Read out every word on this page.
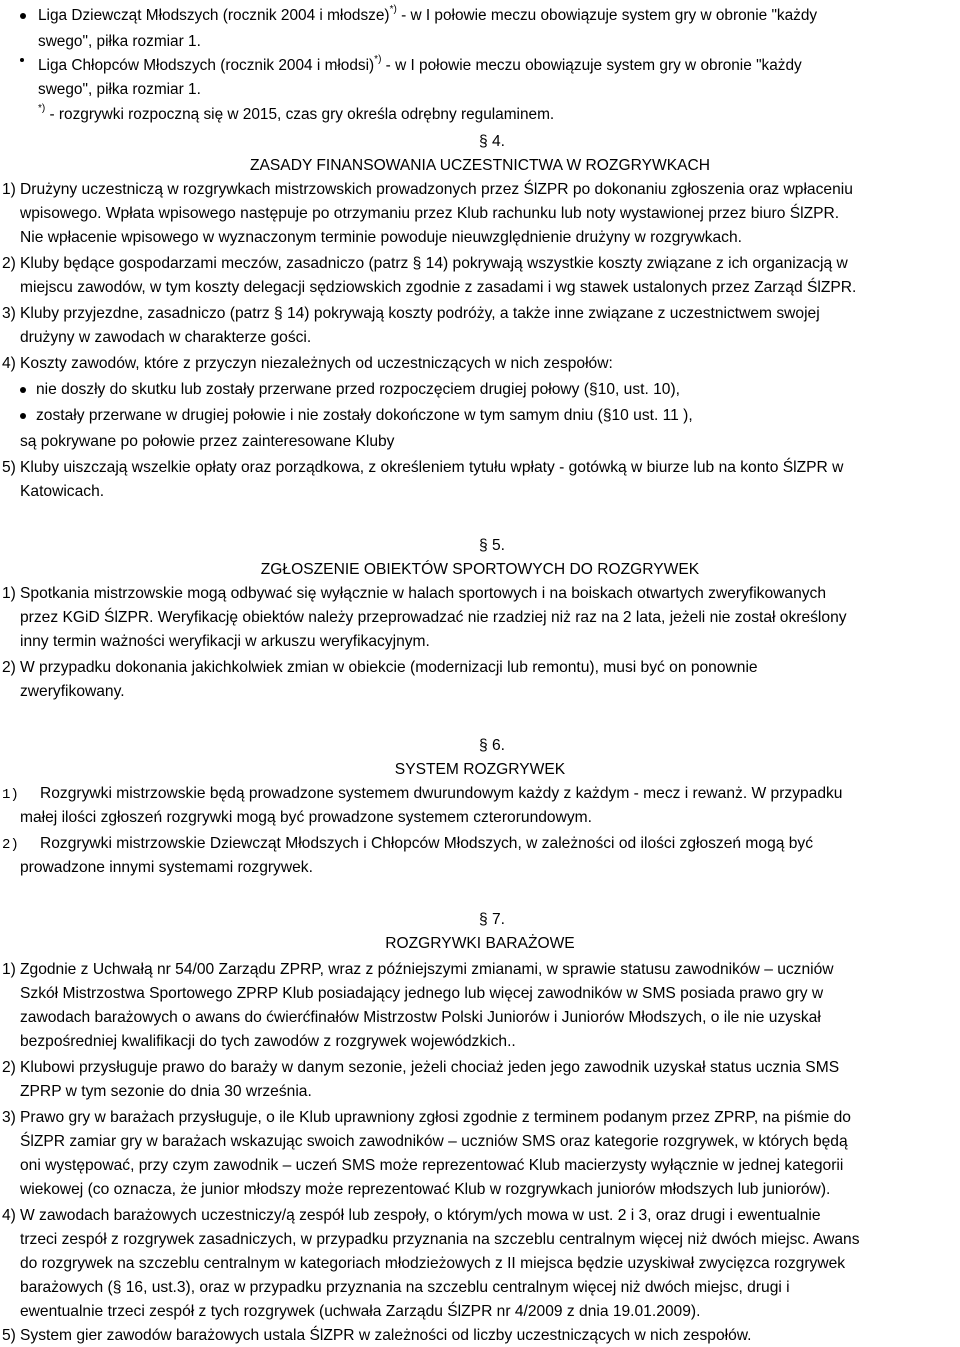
Liga Dziewcząt Młodszych (rocznik 2004 i młodsze)*) - w I połowie meczu obowiązuje system gry w obronie "każdy
swego", piłka rozmiar 1.
Liga Chłopców Młodszych (rocznik 2004 i młodsi)*) - w I połowie meczu obowiązuje system gry w obronie "każdy
swego", piłka rozmiar 1.
*) - rozgrywki rozpoczną się w 2015, czas gry określa odrębny regulaminem.
§ 4.
ZASADY FINANSOWANIA UCZESTNICTWA W ROZGRYWKACH
1) Drużyny uczestniczą w rozgrywkach mistrzowskich prowadzonych przez ŚlZPR po dokonaniu zgłoszenia oraz wpłaceniu
wpisowego. Wpłata wpisowego następuje po otrzymaniu przez Klub rachunku lub noty wystawionej przez biuro ŚlZPR.
Nie wpłacenie wpisowego w wyznaczonym terminie powoduje nieuwzględnienie drużyny w rozgrywkach.
2) Kluby będące gospodarzami meczów, zasadniczo (patrz § 14) pokrywają wszystkie koszty związane z ich organizacją w
miejscu zawodów, w tym koszty delegacji sędziowskich zgodnie z zasadami i wg stawek ustalonych przez Zarząd ŚlZPR.
3) Kluby przyjezdne, zasadniczo (patrz § 14) pokrywają koszty podróży, a także inne związane z uczestnictwem swojej
drużyny w zawodach w charakterze gości.
4) Koszty zawodów, które z przyczyn niezależnych od uczestniczących w nich zespołów:
nie doszły do skutku lub zostały przerwane przed rozpoczęciem drugiej połowy (§10, ust. 10),
zostały przerwane w drugiej połowie i nie zostały dokończone w tym samym dniu (§10 ust. 11 ),
są pokrywane po połowie przez zainteresowane Kluby
5) Kluby uiszczają wszelkie opłaty oraz porządkowa, z określeniem tytułu wpłaty - gotówką w biurze lub na konto ŚlZPR w
Katowicach.
§ 5.
ZGŁOSZENIE OBIEKTÓW SPORTOWYCH DO ROZGRYWEK
1) Spotkania mistrzowskie mogą odbywać się wyłącznie w halach sportowych i na boiskach otwartych zweryfikowanych
przez KGiD ŚlZPR. Weryfikację obiektów należy przeprowadzać nie rzadziej niż raz na 2 lata, jeżeli nie został określony
inny termin ważności weryfikacji w arkuszu weryfikacyjnym.
2) W przypadku dokonania jakichkolwiek zmian w obiekcie (modernizacji lub remontu), musi być on ponownie
zweryfikowany.
§ 6.
SYSTEM ROZGRYWEK
1) Rozgrywki mistrzowskie będą prowadzone systemem dwurundowym każdy z każdym - mecz i rewanż. W przypadku
małej ilości zgłoszeń rozgrywki mogą być prowadzone systemem czterorundowym.
2) Rozgrywki mistrzowskie Dziewcząt Młodszych i Chłopców Młodszych, w zależności od ilości zgłoszeń mogą być
prowadzone innymi systemami rozgrywek.
§ 7.
ROZGRYWKI BARAŻOWE
1) Zgodnie z Uchwałą nr 54/00 Zarządu ZPRP, wraz z późniejszymi zmianami, w sprawie statusu zawodników – uczniów
Szkół Mistrzostwa Sportowego ZPRP Klub posiadający jednego lub więcej zawodników w SMS posiada prawo gry w
zawodach barażowych o awans do ćwierćfinałów Mistrzostw Polski Juniorów i Juniorów Młodszych, o ile nie uzyskał
bezpośredniej kwalifikacji do tych zawodów z rozgrywek wojewódzkich..
2) Klubowi przysługuje prawo do baraży w danym sezonie, jeżeli chociaż jeden jego zawodnik uzyskał status ucznia SMS
ZPRP w tym sezonie do dnia 30 września.
3) Prawo gry w barażach przysługuje, o ile Klub uprawniony zgłosi zgodnie z terminem podanym przez ZPRP, na piśmie do
ŚlZPR zamiar gry w barażach wskazując swoich zawodników – uczniów SMS oraz kategorie rozgrywek, w których będą
oni występować, przy czym zawodnik – uczeń SMS może reprezentować Klub macierzysty wyłącznie w jednej kategorii
wiekowej (co oznacza, że junior młodszy może reprezentować Klub w rozgrywkach juniorów młodszych lub juniorów).
4) W zawodach barażowych uczestniczy/ą zespół lub zespoły, o którym/ych mowa w ust. 2 i 3, oraz drugi i ewentualnie
trzeci zespół z rozgrywek zasadniczych, w przypadku przyznania na szczeblu centralnym więcej niż dwóch miejsc. Awans
do rozgrywek na szczeblu centralnym w kategoriach młodzieżowych z II miejsca będzie uzyskiwał zwycięzca rozgrywek
barażowych (§ 16, ust.3), oraz w przypadku przyznania na szczeblu centralnym więcej niż dwóch miejsc, drugi i
ewentualnie trzeci zespół z tych rozgrywek (uchwała Zarządu ŚlZPR nr 4/2009 z dnia 19.01.2009).
5) System gier zawodów barażowych ustala ŚlZPR w zależności od liczby uczestniczących w nich zespołów.
